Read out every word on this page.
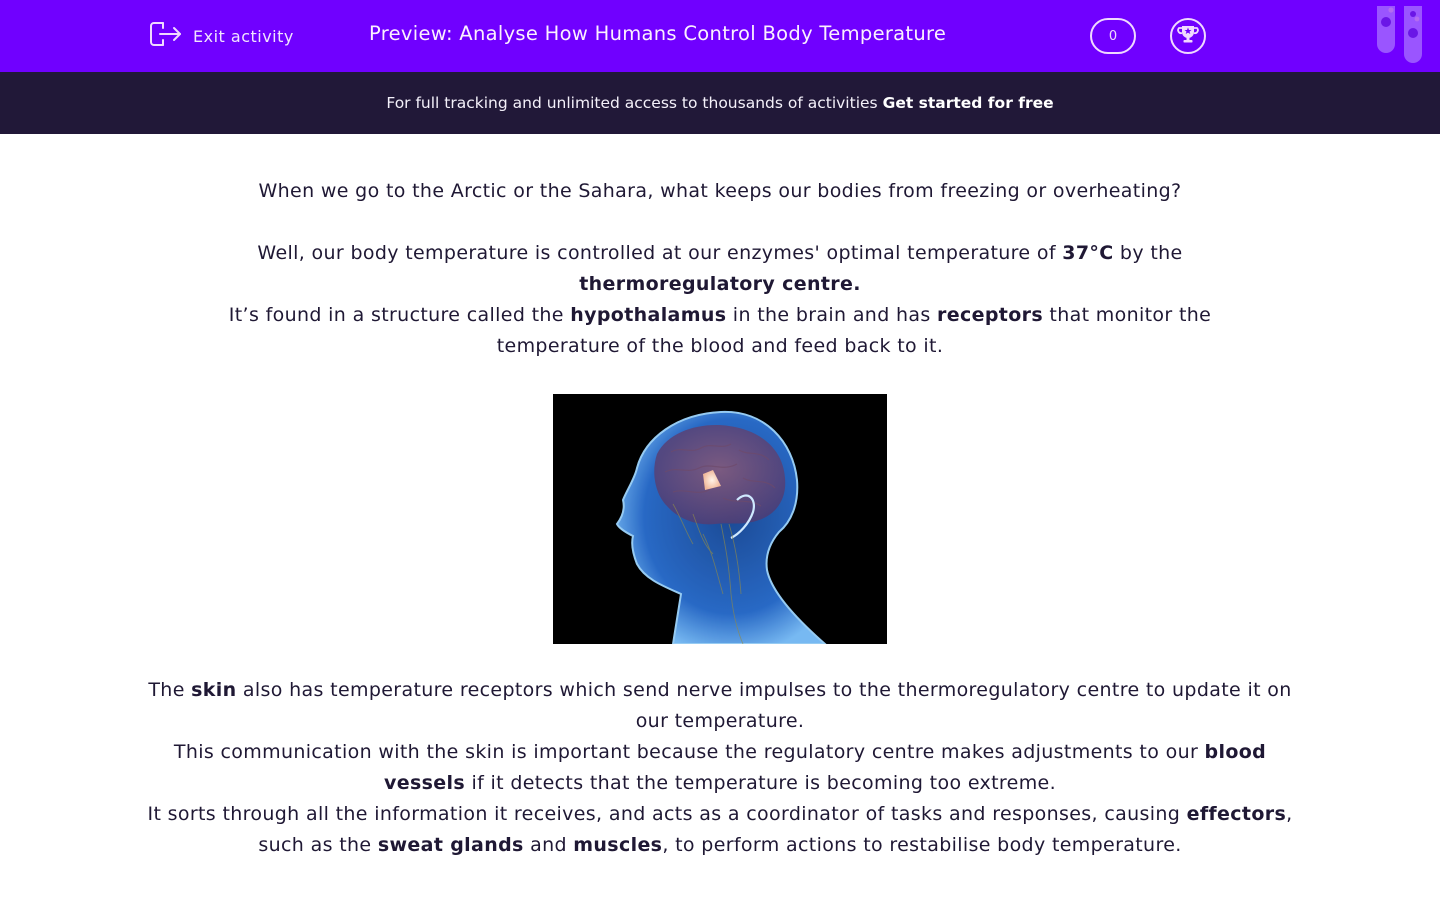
Exit activity	Preview: Analyse How Humans Control Body Temperature	0
For full tracking and unlimited access to thousands of activities Get started for free

When we go to the Arctic or the Sahara, what keeps our bodies from freezing or overheating?

Well, our body temperature is controlled at our enzymes' optimal temperature of 37°C by the
thermoregulatory centre.

It’s found in a structure called the hypothalamus in the brain and has receptors that monitor the temperature of the blood and feed back to it.

The skin also has temperature receptors which send nerve impulses to the thermoregulatory centre to update it on our temperature.

This communication with the skin is important because the regulatory centre makes adjustments to our blood vessels if it detects that the temperature is becoming too extreme.

It sorts through all the information it receives, and acts as a coordinator of tasks and responses, causing effectors, such as the sweat glands and muscles, to perform actions to restabilise body temperature.
